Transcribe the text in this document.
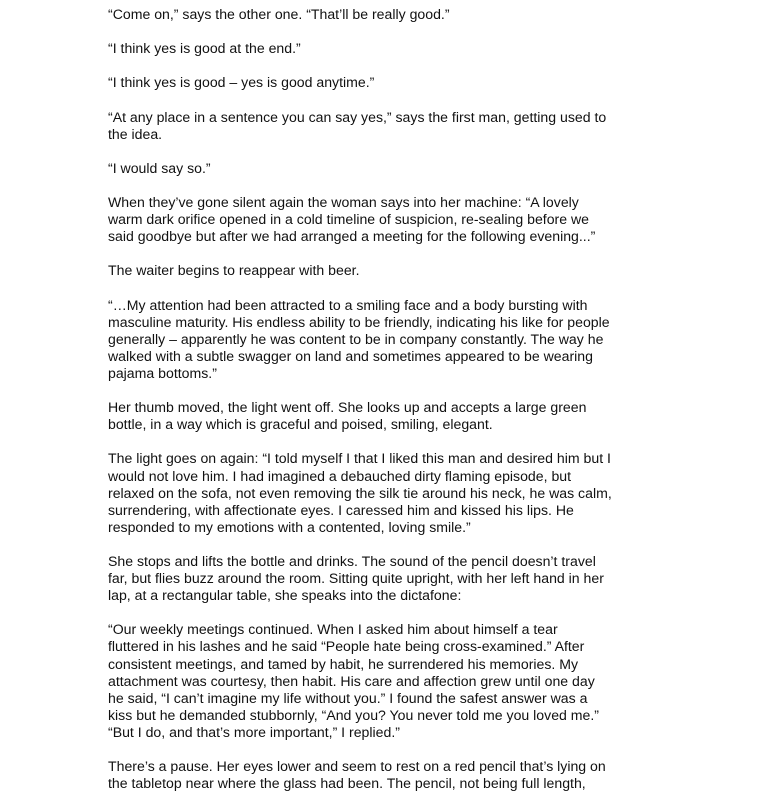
“Come on,” says the other one. “That’ll be really good.”

“I think yes is good at the end.”

“I think yes is good – yes is good anytime.”

“At any place in a sentence you can say yes,” says the first man, getting used to
the idea.

“I would say so.”

When they’ve gone silent again the woman says into her machine: “A lovely
warm dark orifice opened in a cold timeline of suspicion, re-sealing before we
said goodbye but after we had arranged a meeting for the following evening...”

The waiter begins to reappear with beer.

“…My attention had been attracted to a smiling face and a body bursting with
masculine maturity. His endless ability to be friendly, indicating his like for people
generally – apparently he was content to be in company constantly. The way he
walked with a subtle swagger on land and sometimes appeared to be wearing
pajama bottoms.”

Her thumb moved, the light went off. She looks up and accepts a large green
bottle, in a way which is graceful and poised, smiling, elegant.

The light goes on again: “I told myself I that I liked this man and desired him but I
would not love him. I had imagined a debauched dirty flaming episode, but
relaxed on the sofa, not even removing the silk tie around his neck, he was calm,
surrendering, with affectionate eyes. I caressed him and kissed his lips. He
responded to my emotions with a contented, loving smile.”

She stops and lifts the bottle and drinks. The sound of the pencil doesn’t travel
far, but flies buzz around the room. Sitting quite upright, with her left hand in her
lap, at a rectangular table, she speaks into the dictafone:

“Our weekly meetings continued. When I asked him about himself a tear
fluttered in his lashes and he said “People hate being cross-examined.” After
consistent meetings, and tamed by habit, he surrendered his memories. My
attachment was courtesy, then habit. His care and affection grew until one day
he said, “I can’t imagine my life without you.” I found the safest answer was a
kiss but he demanded stubbornly, “And you? You never told me you loved me.”
“But I do, and that’s more important,” I replied.”

There’s a pause. Her eyes lower and seem to rest on a red pencil that’s lying on
the tabletop near where the glass had been. The pencil, not being full length,
